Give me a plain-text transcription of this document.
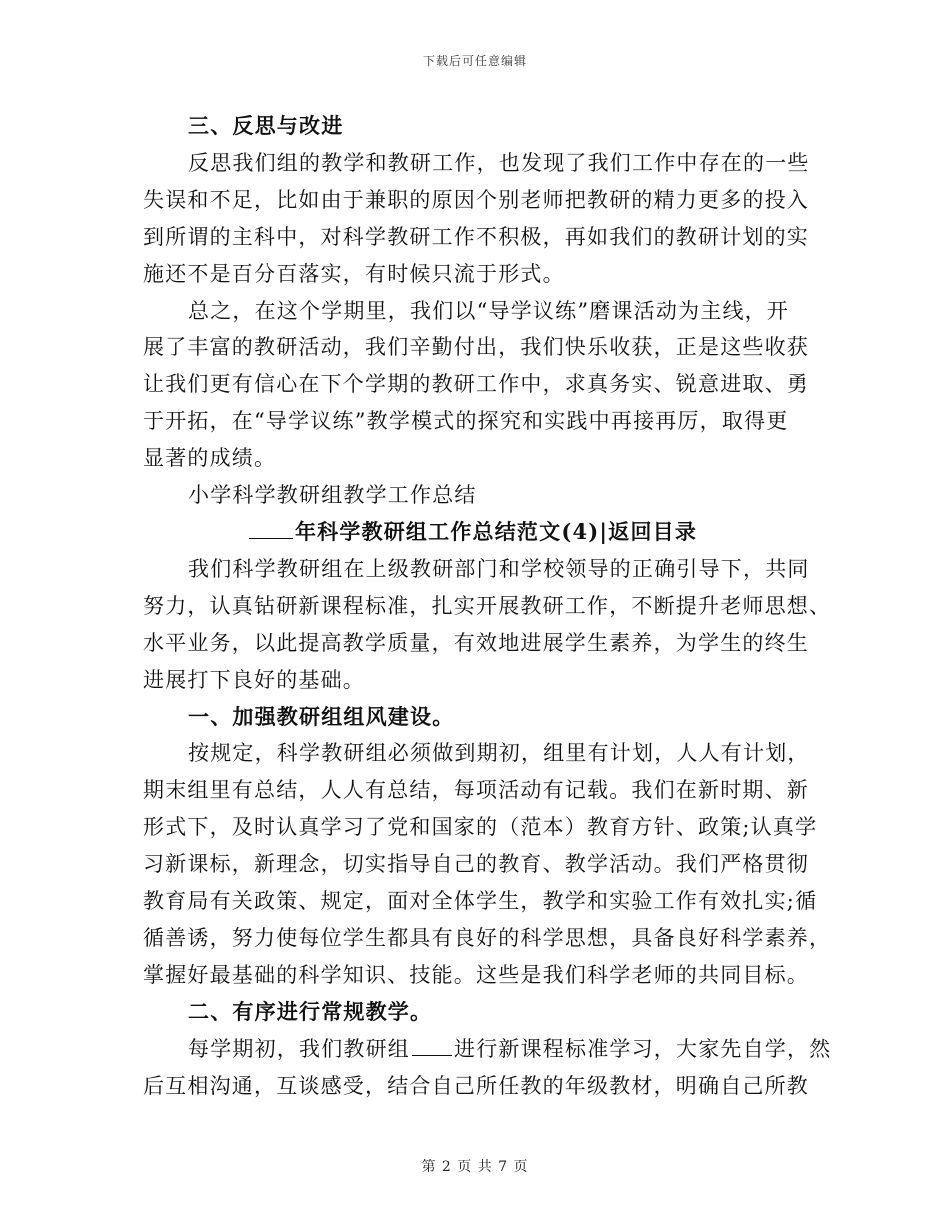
下载后可任意编辑
三、反思与改进
反思我们组的教学和教研工作，也发现了我们工作中存在的一些
失误和不足，比如由于兼职的原因个别老师把教研的精力更多的投入
到所谓的主科中，对科学教研工作不积极，再如我们的教研计划的实
施还不是百分百落实，有时候只流于形式。
总之，在这个学期里，我们以“导学议练”磨课活动为主线，开
展了丰富的教研活动，我们辛勤付出，我们快乐收获，正是这些收获
让我们更有信心在下个学期的教研工作中，求真务实、锐意进取、勇
于开拓，在“导学议练”教学模式的探究和实践中再接再厉，取得更
显著的成绩。
小学科学教研组教学工作总结
年科学教研组工作总结范文(4)|返回目录
我们科学教研组在上级教研部门和学校领导的正确引导下，共同
努力，认真钻研新课程标准，扎实开展教研工作，不断提升老师思想、
水平业务，以此提高教学质量，有效地进展学生素养，为学生的终生
进展打下良好的基础。
一、加强教研组组风建设。
按规定，科学教研组必须做到期初，组里有计划，人人有计划，
期末组里有总结，人人有总结，每项活动有记载。我们在新时期、新
形式下，及时认真学习了党和国家的（范本）教育方针、政策;认真学
习新课标，新理念，切实指导自己的教育、教学活动。我们严格贯彻
教育局有关政策、规定，面对全体学生，教学和实验工作有效扎实;循
循善诱，努力使每位学生都具有良好的科学思想，具备良好科学素养，
掌握好最基础的科学知识、技能。这些是我们科学老师的共同目标。
二、有序进行常规教学。
每学期初，我们教研组 进行新课程标准学习，大家先自学，然
后互相沟通，互谈感受，结合自己所任教的年级教材，明确自己所教
第 2 页 共 7 页
